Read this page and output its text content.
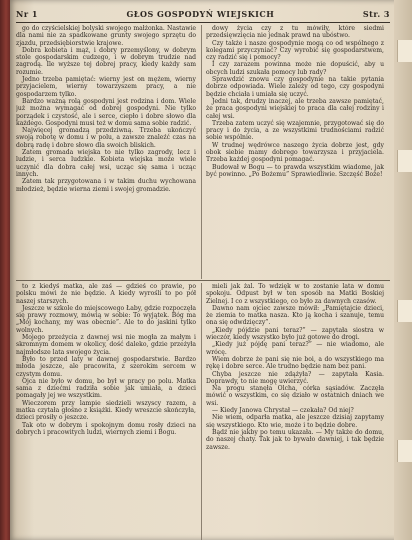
Nr 1	GŁOS GOSPODYŃ WIEJSKICH	Str. 3

go do czyścielskiej bolyski swojego małżonka. Nastawie dla nami nie za spadkowane grunty swojego sprzętu do zjazdu, przedsiębiorstwie krajowe.

Dobra kobieta i mąż, i dobry przemyślony, w dobrym stole gospodarskim cudzego, i w dobrym trudzie nad zagrodą. Ile wyższe tej dobrej pracy, kiedy każdy sam rozumie.

Jedno trzeba pamiętać: wierny jest on mężem, wierny przyjacielem, wierny towarzyszem pracy, a nie gospodarzem tylko.

Bardzo ważną rolą gospodyni jest rodzina i dom. Wiele już można wymagać od dobrej gospodyni. Nie tylko porządek i czystość, ale i serce, ciepło i dobre słowo dla każdego. Gospodyni musi też w domu sama sobie radzić.

Najwięcej gromadzą przedziwną. Trzeba ukończyć swoją robotę w domu i w polu, a zawsze znaleźć czas na dobrą radę i dobre słowo dla swoich bliskich.

Zatem gromada wiejska to nie tylko zagrody, lecz i ludzie, i serca ludzkie. Kobieta wiejska może wiele uczynić dla dobra całej wsi, ucząc się sama i ucząc innych.

Zatem tak przygotowana i w takim duchu wychowana młodzież, będzie wierna ziemi i swojej gromadzie.

dowy życia czy z tu mówiły, które siedmi przedsięwzięcia nie jednak prawd na ubóstwo.

Czy także i nasze gospodynie mogą co od wspólnego z kolegami przyczyniać? Czy wyrobić się gospodarstwem, czy radzić się i pomocy?

I czy zarazem powinna może nie dopuścić, aby u obcych ludzi szukała pomocy lub rady?

Sprawdzić znowu czy gospodynie na takie pytania dobrze odpowiada. Wiele zależy od tego, czy gospodyni będzie chciała i umiała się uczyć.

Jedni tak, drudzy inaczej, ale trzeba zawsze pamiętać, że praca gospodyni wiejskiej to praca dla całej rodziny i całej wsi.

Trzeba zatem uczyć się wzajemnie, przygotować się do pracy i do życia, a ze wszystkimi trudnościami radzić sobie wspólnie.

W trudnej wędrówce naszego życia dobrze jest, gdy obok siebie mamy dobrego towarzysza i przyjaciela. Trzeba każdej gospodyni pomagać.

Budował w Bogu — to prawda wszystkim wiadome, jak być powinno. „Po Bożemu” Sprawiedliwie. Szczęść Boże!

to z kiedyś matka, ale zaś — gdzieś co prawie, po polsku mówi że nie będzie. A kiedy wyrośli to po pół naszej starszych.

Jeszcze w szkole do miejscowego Łaby, gdzie rozpoczęła się prawy rozmowy, mówią w sobie: To wyjątek. Bóg ma „Mój kochany, my was obecnie”. Ale to do jaskini tylko wolnych.

Mojego przeżycia z dawnej wsi nie mogła za małym i skromnym domem w okolicy, dość daleko, gdzie przeżyła najmłodsze lata swojego życia.

Było to przed laty w dawnej gospodarstwie. Bardzo młoda jeszcze, ale pracowita, z szerokim sercem w czystym domu.

Ojca nie było w domu, bo był w pracy po polu. Matka sama z dziećmi radziła sobie jak umiała, a dzieci pomagały jej we wszystkim.

Wieczorem przy lampie siedzieli wszyscy razem, a matka czytała głośno z książki. Kiedy wreszcie skończyła, dzieci prosiły o jeszcze.

Tak oto w dobrym i spokojnym domu rosły dzieci na dobrych i pracowitych ludzi, wiernych ziemi i Bogu.

mieli jak żal. To wdzięk w to zostanie lata w domu spokoju. Odpust był w ten sposób na Matki Boskiej Zielnej. I co z wszystkiego, co było za dawnych czasów.

Dawno nam ojciec zawsze mówił: „Pamiętajcie dzieci, że ziemia to matka nasza. Kto ją kocha i szanuje, temu ona się odwdzięczy”.

„Kiedy pójdzie pani teraz?” — zapytała siostra w wieczór, kiedy wszystko było już gotowe do drogi.

„Kiedy już pójdę pani teraz?” — nie wiadomo, ale wrócę.

Wiem dobrze że pani się nie boi, a do wszystkiego ma rękę i dobre serce. Ale trudno będzie nam bez pani.

Chyba jeszcze nie zdążyła? — zapytała Kasia. Doprawdy, to nie mogę uwierzyć.

Na progu stanęła Olcha, córka sąsiadów. Zaczęła mówić o wszystkim, co się działo w ostatnich dniach we wsi.

— Kiedy Janowa Chrystał — czekała? Od niej?

Nie wiem, odparła matka, ale jeszcze dzisiaj zapytamy się wszystkiego. Kto wie, może i to będzie dobre.

Bądź nie jakby po temu ukazała. — My także do domu, do naszej chaty. Tak jak to bywało dawniej, i tak będzie zawsze.
